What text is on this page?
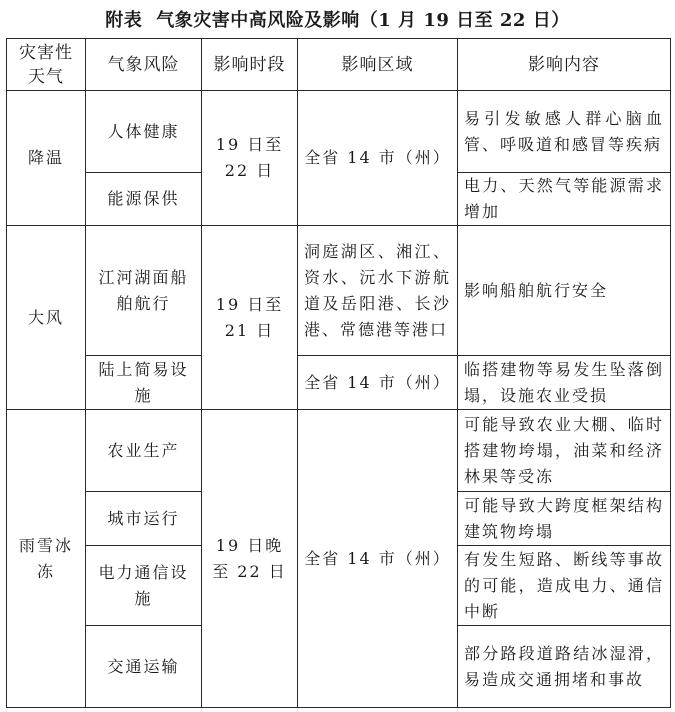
附表 气象灾害中高风险及影响（1 月 19 日至 22 日）
灾害性天气	气象风险	影响时段	影响区域	影响内容
降温	人体健康	19 日至 22 日	全省 14 市（州）	易引发敏感人群心脑血管、呼吸道和感冒等疾病
	能源保供			电力、天然气等能源需求增加
大风	江河湖面船舶航行	19 日至 21 日	洞庭湖区、湘江、资水、沅水下游航道及岳阳港、长沙港、常德港等港口	影响船舶航行安全
	陆上简易设施		全省 14 市（州）	临搭建物等易发生坠落倒塌，设施农业受损
雨雪冰冻	农业生产	19 日晚至 22 日	全省 14 市（州）	可能导致农业大棚、临时搭建物垮塌，油菜和经济林果等受冻
	城市运行			可能导致大跨度框架结构建筑物垮塌
	电力通信设施			有发生短路、断线等事故的可能，造成电力、通信中断
	交通运输			部分路段道路结冰湿滑，易造成交通拥堵和事故
